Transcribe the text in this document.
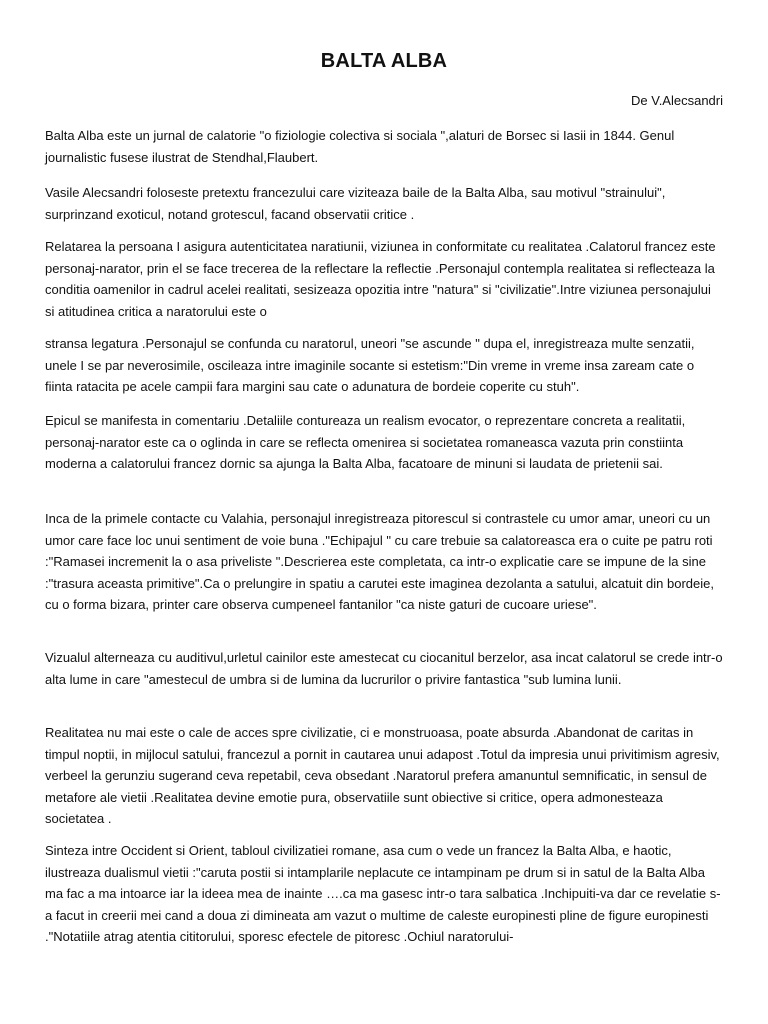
BALTA ALBA
De V.Alecsandri

Balta Alba este un jurnal de calatorie "o fiziologie colectiva si sociala ",alaturi de Borsec si Iasii in 1844. Genul journalistic fusese ilustrat de Stendhal,Flaubert.

Vasile Alecsandri foloseste pretextu francezului care viziteaza baile de la Balta Alba, sau motivul "strainului", surprinzand exoticul, notand grotescul, facand observatii critice .

Relatarea la persoana I asigura autenticitatea naratiunii, viziunea in conformitate cu realitatea .Calatorul francez este personaj-narator, prin el se face trecerea de la reflectare la reflectie .Personajul contempla realitatea si reflecteaza la conditia oamenilor in cadrul acelei realitati, sesizeaza opozitia intre "natura" si "civilizatie".Intre viziunea personajului si atitudinea critica a naratorului este o

stransa legatura .Personajul se confunda cu naratorul, uneori "se ascunde " dupa el, inregistreaza multe senzatii, unele I se par neverosimile, oscileaza intre imaginile socante si estetism:"Din vreme in vreme insa zaream cate o fiinta ratacita pe acele campii fara margini sau cate o adunatura de bordeie coperite cu stuh".

Epicul se manifesta in comentariu .Detaliile contureaza un realism evocator, o reprezentare concreta a realitatii, personaj-narator este ca o oglinda in care se reflecta omenirea si societatea romaneasca vazuta prin constiinta moderna a calatorului francez dornic sa ajunga la Balta Alba, facatoare de minuni si laudata de prietenii sai.

Inca de la primele contacte cu Valahia, personajul inregistreaza pitorescul si contrastele cu umor amar, uneori cu un umor care face loc unui sentiment de voie buna ."Echipajul " cu care trebuie sa calatoreasca era o cuite pe patru roti :"Ramasei incremenit la o asa priveliste ".Descrierea este completata, ca intr-o explicatie care se impune de la sine :"trasura aceasta primitive".Ca o prelungire in spatiu a carutei este imaginea dezolanta a satului, alcatuit din bordeie, cu o forma bizara, printer care observa cumpeneel fantanilor "ca niste gaturi de cucoare uriese".

Vizualul alterneaza cu auditivul,urletul cainilor este amestecat cu ciocanitul berzelor, asa incat calatorul se crede intr-o alta lume in care "amestecul de umbra si de lumina da lucrurilor o privire fantastica "sub lumina lunii.

Realitatea nu mai este o cale de acces spre civilizatie, ci e monstruoasa, poate absurda .Abandonat de caritas in timpul noptii, in mijlocul satului, francezul a pornit in cautarea unui adapost .Totul da impresia unui privitimism agresiv, verbeel la gerunziu sugerand ceva repetabil, ceva obsedant .Naratorul prefera amanuntul semnificatic, in sensul de metafore ale vietii .Realitatea devine emotie pura, observatiile sunt obiective si critice, opera admonesteaza societatea .

Sinteza intre Occident si Orient, tabloul civilizatiei romane, asa cum o vede un francez la Balta Alba, e haotic, ilustreaza dualismul vietii :"caruta postii si intamplarile neplacute ce intampinam pe drum si in satul de la Balta Alba ma fac a ma intoarce iar la ideea mea de inainte ….ca ma gasesc intr-o tara salbatica .Inchipuiti-va dar ce revelatie s-a facut in creerii mei cand a doua zi dimineata am vazut o multime de caleste europinesti pline de figure europinesti ."Notatiile atrag atentia cititorului, sporesc efectele de pitoresc .Ochiul naratorului-
